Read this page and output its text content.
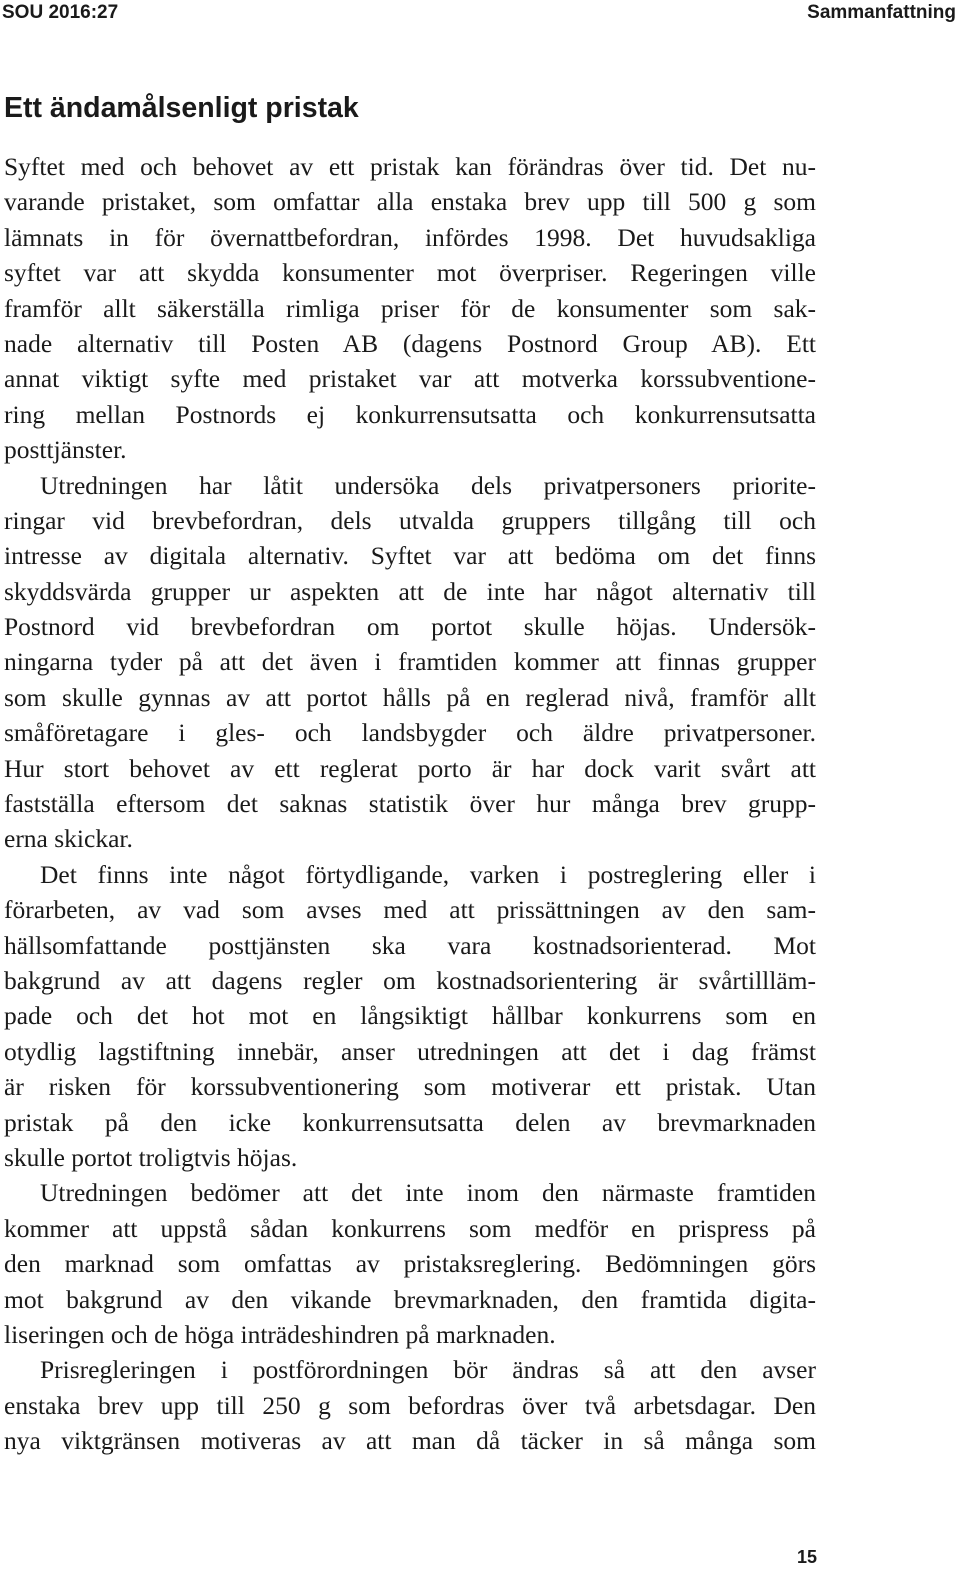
SOU 2016:27	Sammanfattning
Ett ändamålsenligt pristak
Syftet med och behovet av ett pristak kan förändras över tid. Det nu-
varande pristaket, som omfattar alla enstaka brev upp till 500 g som
lämnats in för övernattbefordran, infördes 1998. Det huvudsakliga
syftet var att skydda konsumenter mot överpriser. Regeringen ville
framför allt säkerställa rimliga priser för de konsumenter som sak-
nade alternativ till Posten AB (dagens Postnord Group AB). Ett
annat viktigt syfte med pristaket var att motverka korssubventione-
ring mellan Postnords ej konkurrensutsatta och konkurrensutsatta
posttjänster.
Utredningen har låtit undersöka dels privatpersoners priorite-
ringar vid brevbefordran, dels utvalda gruppers tillgång till och
intresse av digitala alternativ. Syftet var att bedöma om det finns
skyddsvärda grupper ur aspekten att de inte har något alternativ till
Postnord vid brevbefordran om portot skulle höjas. Undersök-
ningarna tyder på att det även i framtiden kommer att finnas grupper
som skulle gynnas av att portot hålls på en reglerad nivå, framför allt
småföretagare i gles- och landsbygder och äldre privatpersoner.
Hur stort behovet av ett reglerat porto är har dock varit svårt att
fastställa eftersom det saknas statistik över hur många brev grupp-
erna skickar.
Det finns inte något förtydligande, varken i postreglering eller i
förarbeten, av vad som avses med att prissättningen av den sam-
hällsomfattande posttjänsten ska vara kostnadsorienterad. Mot
bakgrund av att dagens regler om kostnadsorientering är svårtillläm-
pade och det hot mot en långsiktigt hållbar konkurrens som en
otydlig lagstiftning innebär, anser utredningen att det i dag främst
är risken för korssubventionering som motiverar ett pristak. Utan
pristak på den icke konkurrensutsatta delen av brevmarknaden
skulle portot troligtvis höjas.
Utredningen bedömer att det inte inom den närmaste framtiden
kommer att uppstå sådan konkurrens som medför en prispress på
den marknad som omfattas av pristaksreglering. Bedömningen görs
mot bakgrund av den vikande brevmarknaden, den framtida digita-
liseringen och de höga inträdeshindren på marknaden.
Prisregleringen i postförordningen bör ändras så att den avser
enstaka brev upp till 250 g som befordras över två arbetsdagar. Den
nya viktgränsen motiveras av att man då täcker in så många som
15
